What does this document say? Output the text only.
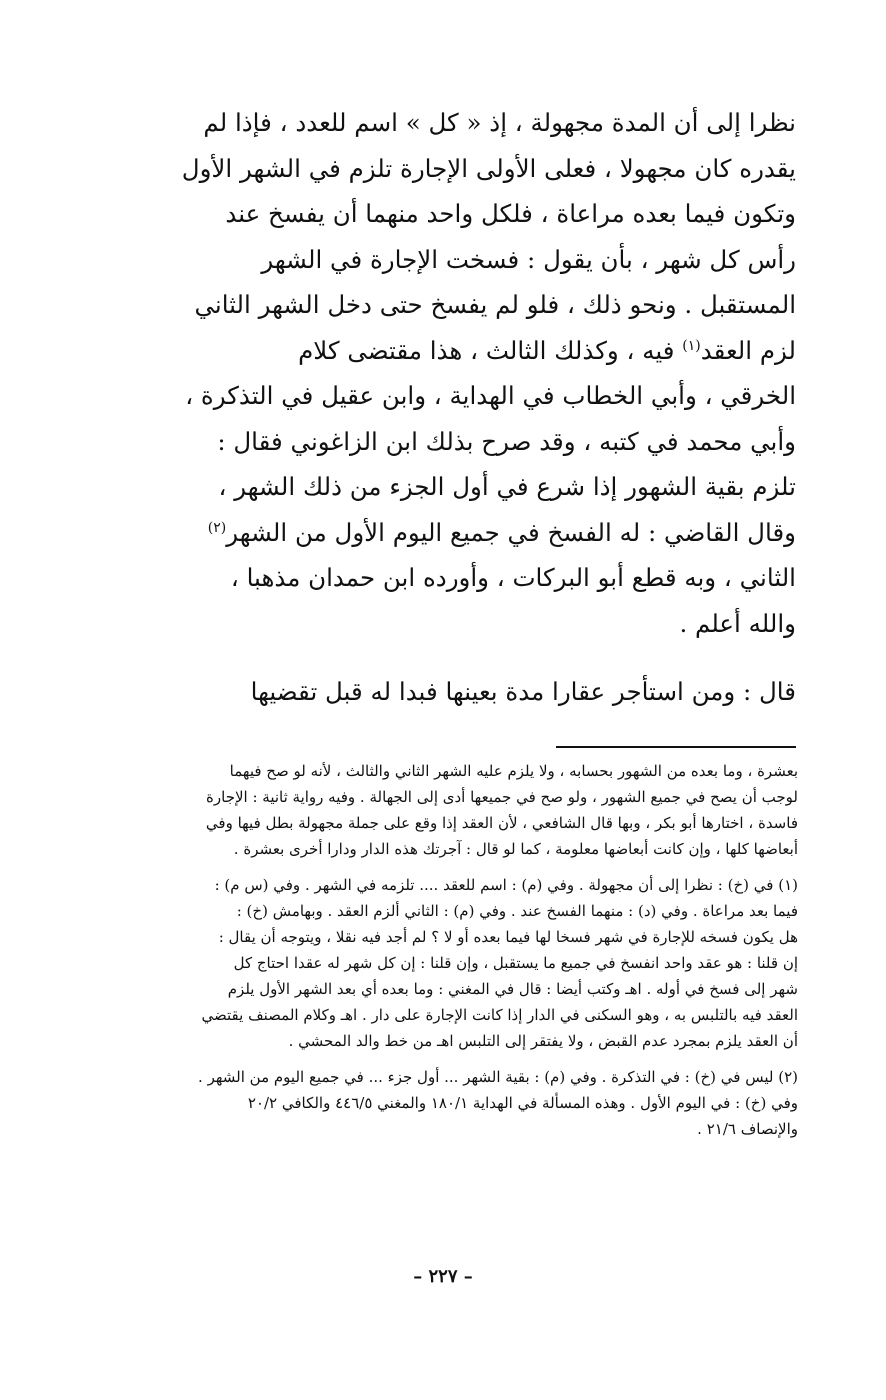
نظرا إلى أن المدة مجهولة ، إذ « كل » اسم للعدد ، فإذا لم
يقدره كان مجهولا ، فعلى الأولى الإجارة تلزم في الشهر الأول
وتكون فيما بعده مراعاة ، فلكل واحد منهما أن يفسخ عند
رأس كل شهر ، بأن يقول : فسخت الإجارة في الشهر
المستقبل . ونحو ذلك ، فلو لم يفسخ حتى دخل الشهر الثاني
لزم العقد$^{(١)}$ فيه ، وكذلك الثالث ، هذا مقتضى كلام
الخرقي ، وأبي الخطاب في الهداية ، وابن عقيل في التذكرة ،
وأبي محمد في كتبه ، وقد صرح بذلك ابن الزاغوني فقال :
تلزم بقية الشهور إذا شرع في أول الجزء من ذلك الشهر ،
وقال القاضي : له الفسخ في جميع اليوم الأول من الشهر$^{(٢)}$
الثاني ، وبه قطع أبو البركات ، وأورده ابن حمدان مذهبا ،
والله أعلم .
قال : ومن استأجر عقارا مدة بعينها فبدا له قبل تقضيها
بعشرة ، وما بعده من الشهور بحسابه ، ولا يلزم عليه الشهر الثاني والثالث ، لأنه لو صح فيهما
لوجب أن يصح في جميع الشهور ، ولو صح في جميعها أدى إلى الجهالة . وفيه رواية ثانية : الإجارة
فاسدة ، اختارها أبو بكر ، وبها قال الشافعي ، لأن العقد إذا وقع على جملة مجهولة بطل فيها وفي
أبعاضها كلها ، وإن كانت أبعاضها معلومة ، كما لو قال : آجرتك هذه الدار ودارا أخرى بعشرة .
(١) في (خ) : نظرا إلى أن مجهولة . وفي (م) : اسم للعقد .... تلزمه في الشهر . وفي (س م) :
فيما بعد مراعاة . وفي (د) : منهما الفسخ عند . وفي (م) : الثاني ألزم العقد . وبهامش (خ) :
هل يكون فسخه للإجارة في شهر فسخا لها فيما بعده أو لا ؟ لم أجد فيه نقلا ، ويتوجه أن يقال :
إن قلنا : هو عقد واحد انفسخ في جميع ما يستقبل ، وإن قلنا : إن كل شهر له عقدا احتاج كل
شهر إلى فسخ في أوله . اهـ وكتب أيضا : قال في المغني : وما بعده أي بعد الشهر الأول يلزم
العقد فيه بالتلبس به ، وهو السكنى في الدار إذا كانت الإجارة على دار . اهـ وكلام المصنف يقتضي
أن العقد يلزم بمجرد عدم القبض ، ولا يفتقر إلى التلبس اهـ من خط والد المحشي .
(٢) ليس في (خ) : في التذكرة . وفي (م) : بقية الشهر ... أول جزء ... في جميع اليوم من الشهر .
وفي (خ) : في اليوم الأول . وهذه المسألة في الهداية ١٨٠/١ والمغني ٤٤٦/٥ والكافي ٢٠/٢
والإنصاف ٢١/٦ .
– ٢٢٧ –
